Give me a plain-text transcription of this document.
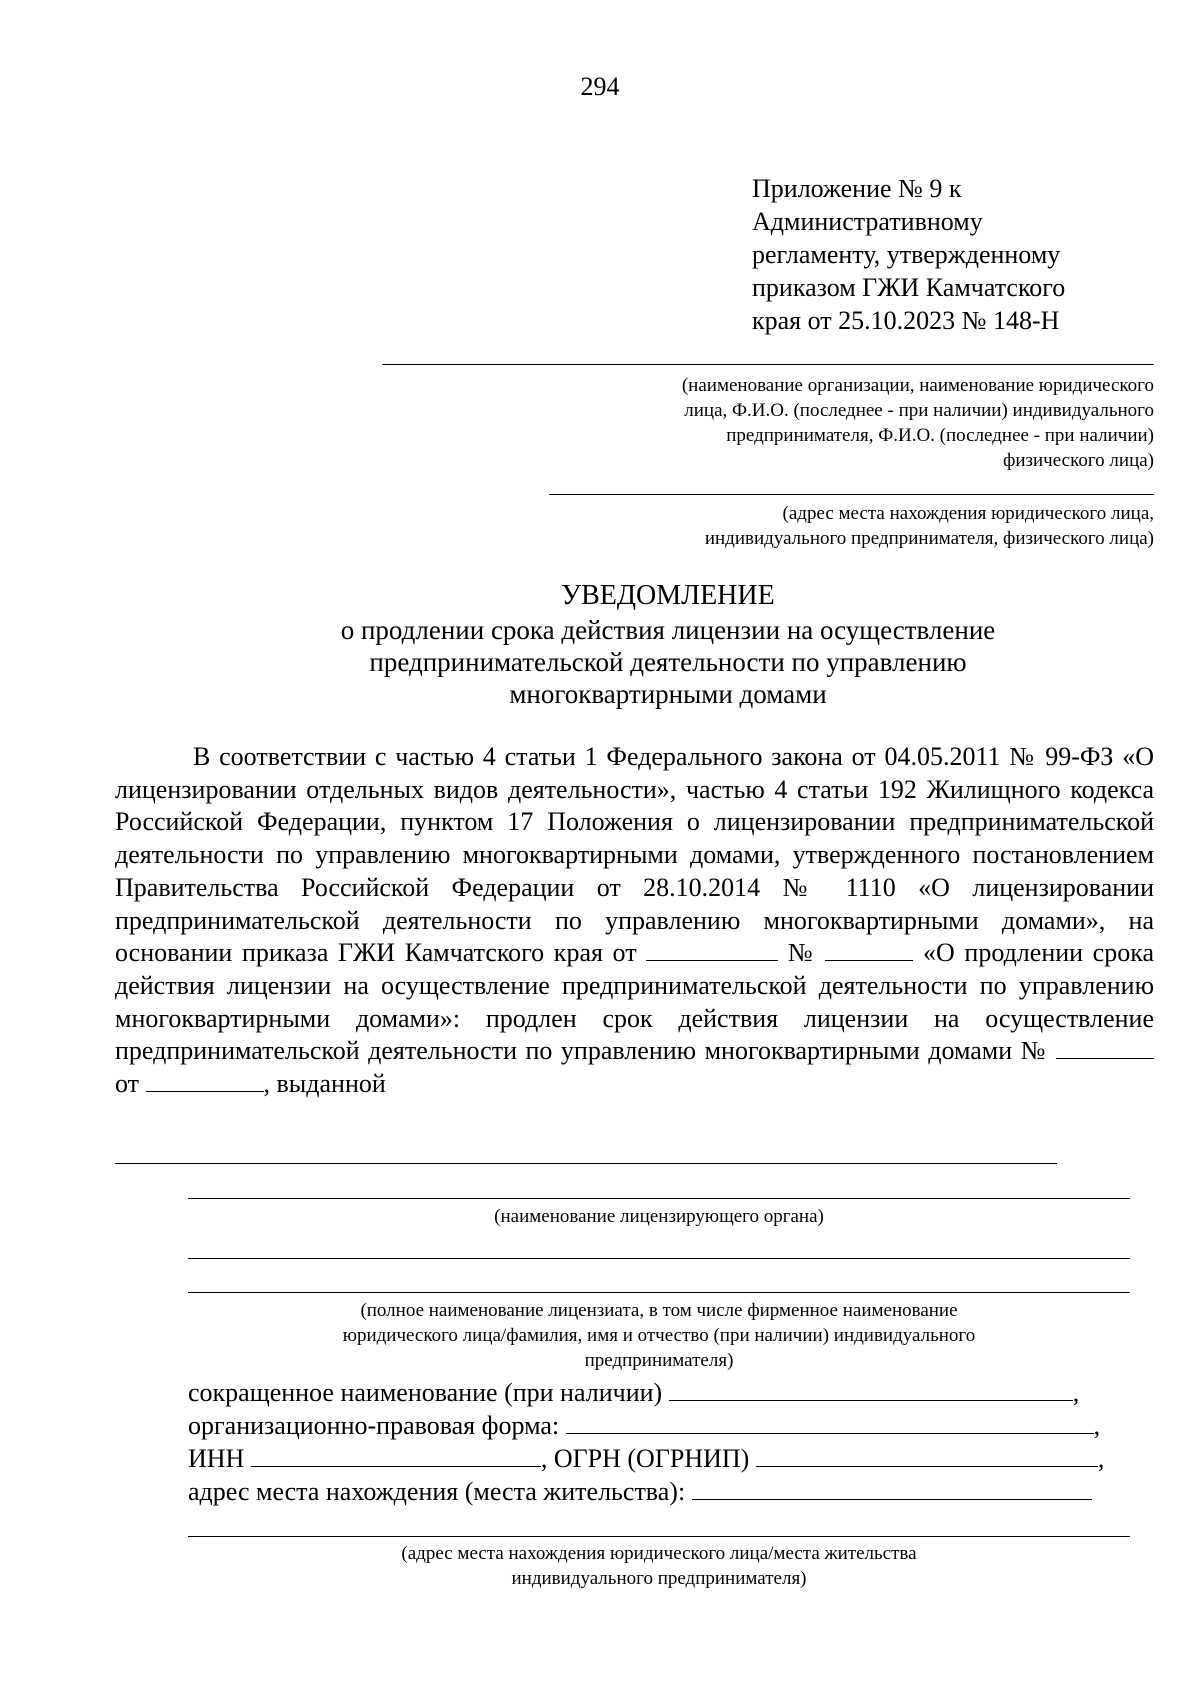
294
Приложение № 9 к
Административному
регламенту, утвержденному
приказом ГЖИ Камчатского
края от 25.10.2023 № 148-Н
(наименование организации, наименование юридического
лица, Ф.И.О. (последнее - при наличии) индивидуального
предпринимателя, Ф.И.О. (последнее - при наличии)
физического лица)
(адрес места нахождения юридического лица,
индивидуального предпринимателя, физического лица)
УВЕДОМЛЕНИЕ
о продлении срока действия лицензии на осуществление
предпринимательской деятельности по управлению
многоквартирными домами
В соответствии с частью 4 статьи 1 Федерального закона от 04.05.2011 № 99-ФЗ «О лицензировании отдельных видов деятельности», частью 4 статьи 192 Жилищного кодекса Российской Федерации, пунктом 17 Положения о лицензировании предпринимательской деятельности по управлению многоквартирными домами, утвержденного постановлением Правительства Российской Федерации от 28.10.2014 № 1110 «О лицензировании предпринимательской деятельности по управлению многоквартирными домами», на основании приказа ГЖИ Камчатского края от	№	«О продлении срока действия лицензии на осуществление предпринимательской деятельности по управлению многоквартирными домами»: продлен срок действия лицензии на осуществление предпринимательской деятельности по управлению многоквартирными домами №  от	, выданной
(наименование лицензирующего органа)
(полное наименование лицензиата, в том числе фирменное наименование
юридического лица/фамилия, имя и отчество (при наличии) индивидуального
предпринимателя)
сокращенное наименование (при наличии)	,
организационно-правовая форма:	,
ИНН	, ОГРН (ОГРНИП)	,
адрес места нахождения (места жительства):
(адрес места нахождения юридического лица/места жительства
индивидуального предпринимателя)
